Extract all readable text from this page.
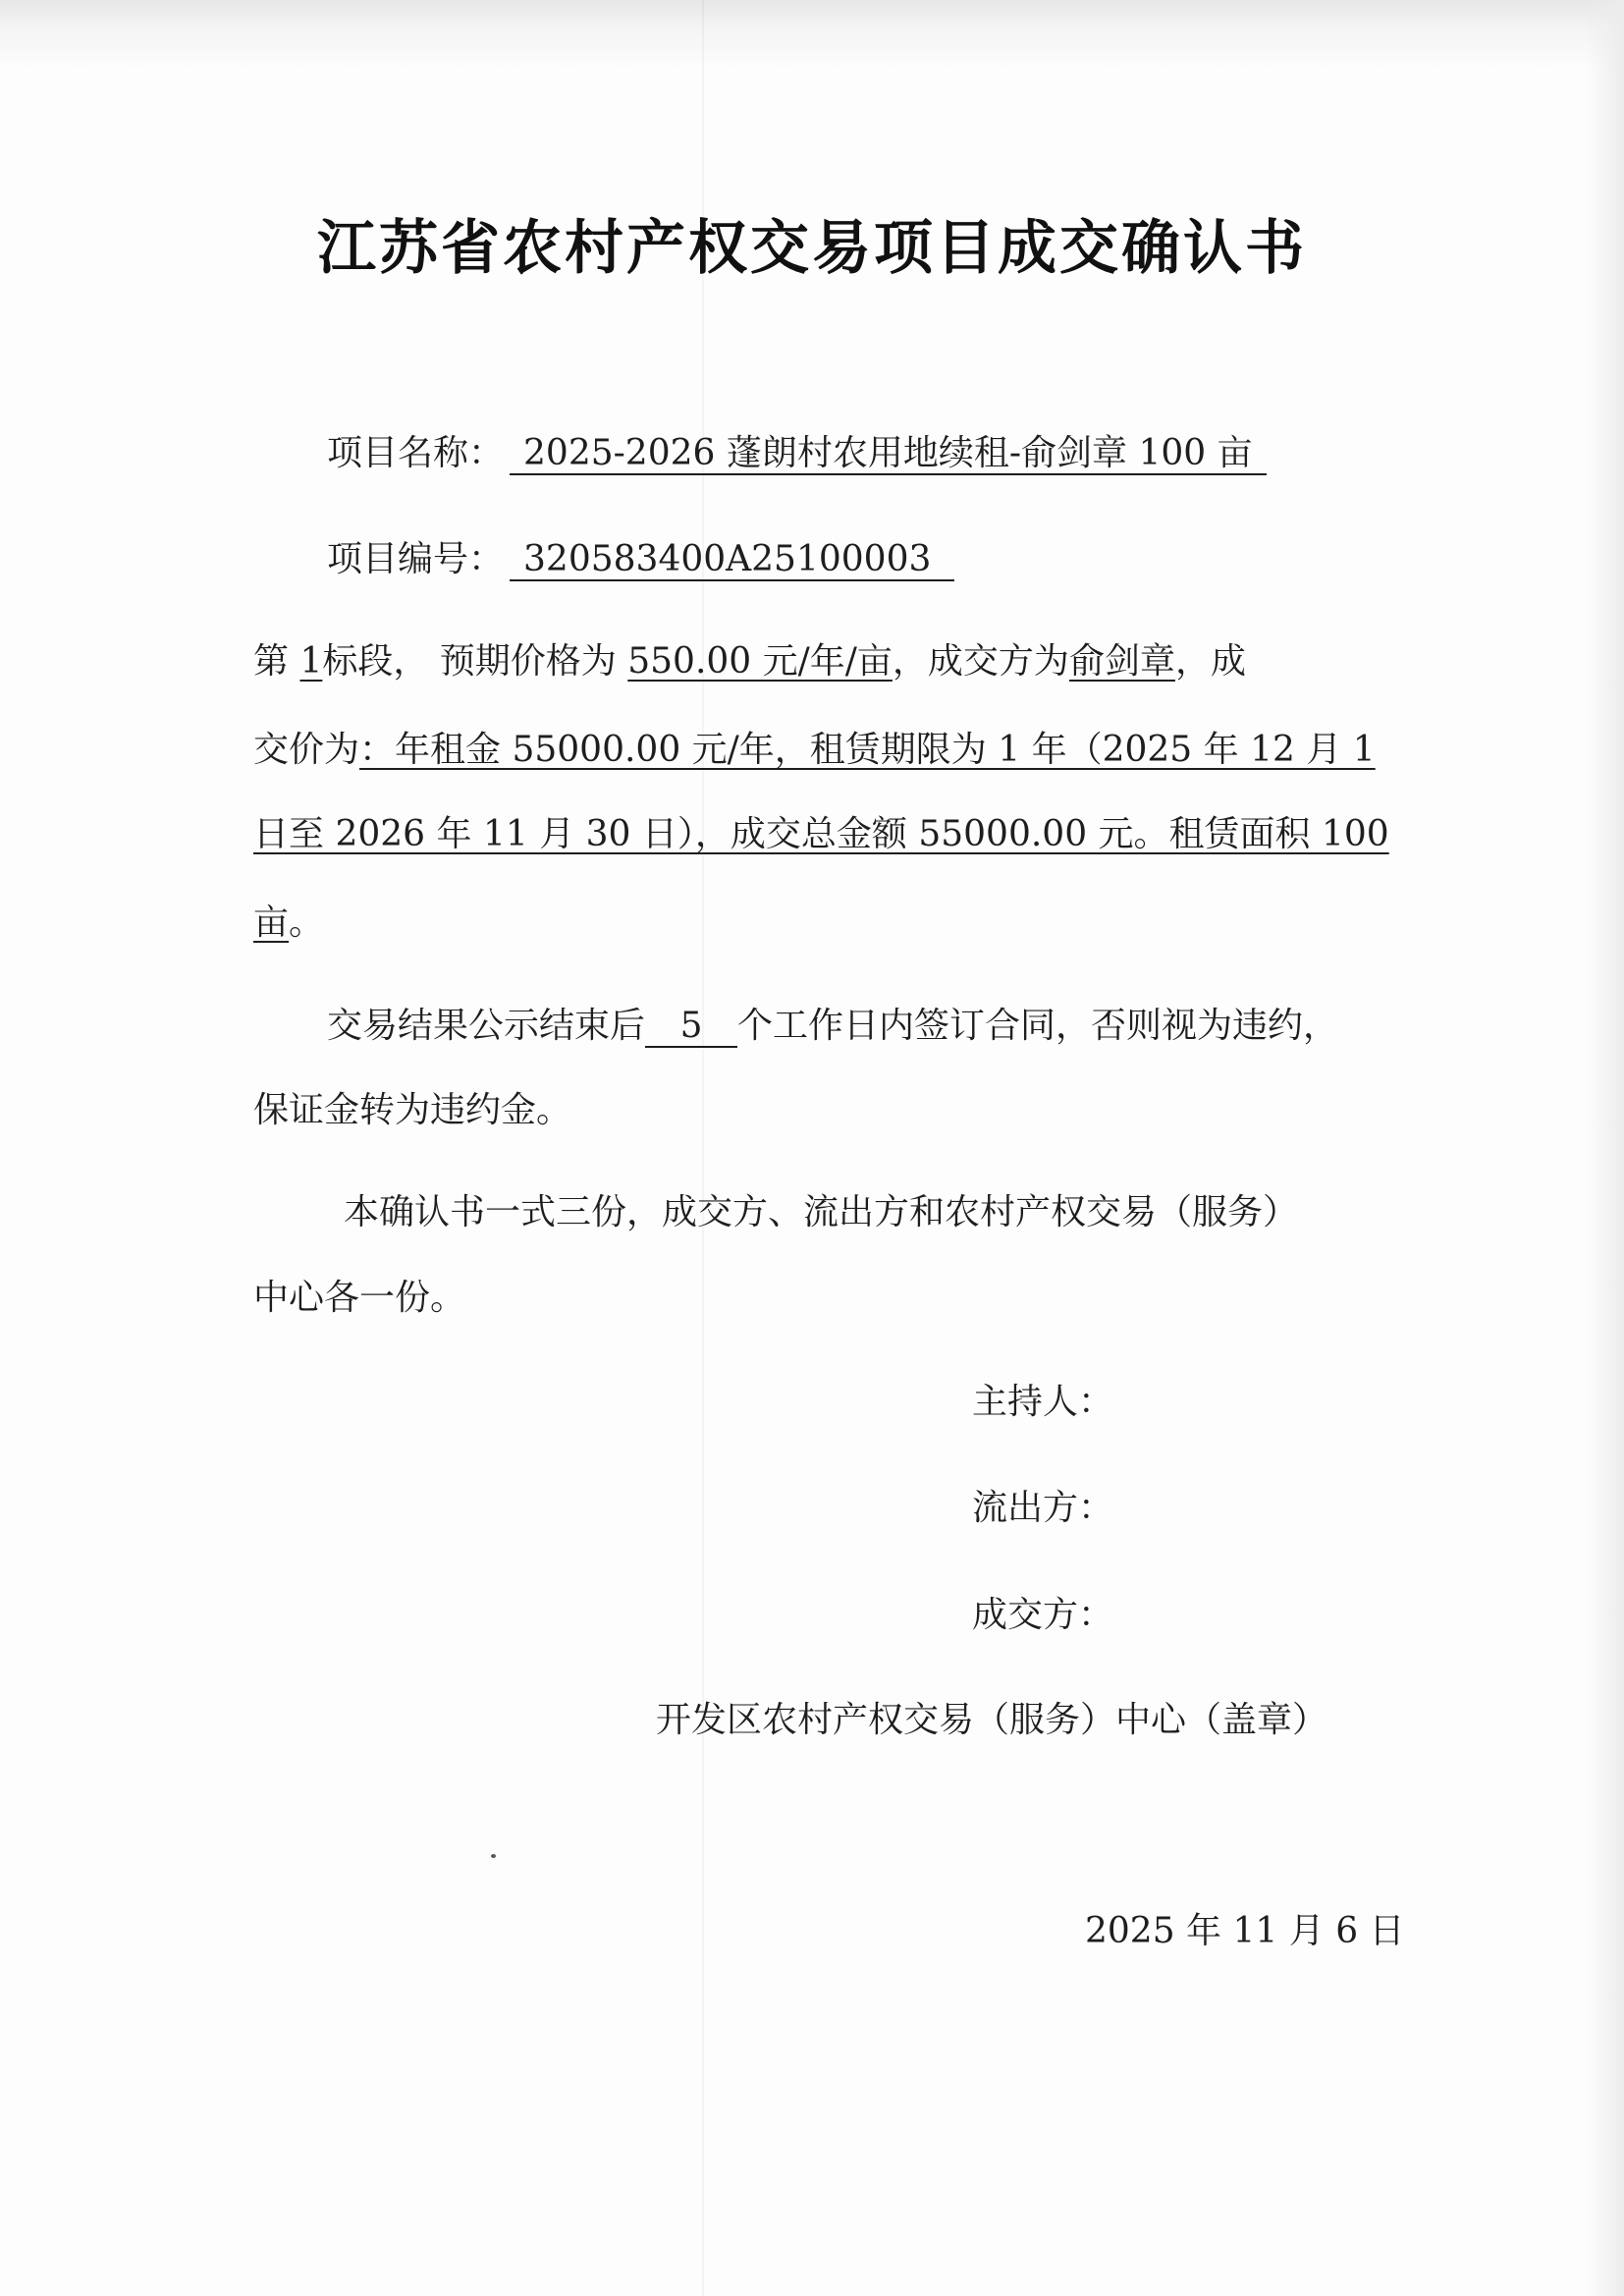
江苏省农村产权交易项目成交确认书
项目名称： 2025-2026 蓬朗村农用地续租-俞剑章 100 亩
项目编号： 320583400A25100003
第 1标段， 预期价格为 550.00 元/年/亩，成交方为俞剑章，成
交价为：年租金 55000.00 元/年，租赁期限为 1 年（2025 年 12 月 1
日至 2026 年 11 月 30 日），成交总金额 55000.00 元。租赁面积 100
亩。
交易结果公示结束后 5 个工作日内签订合同，否则视为违约，
保证金转为违约金。
本确认书一式三份，成交方、流出方和农村产权交易（服务）
中心各一份。
主持人：
流出方：
成交方：
开发区农村产权交易（服务）中心（盖章）
2025 年 11 月 6 日
